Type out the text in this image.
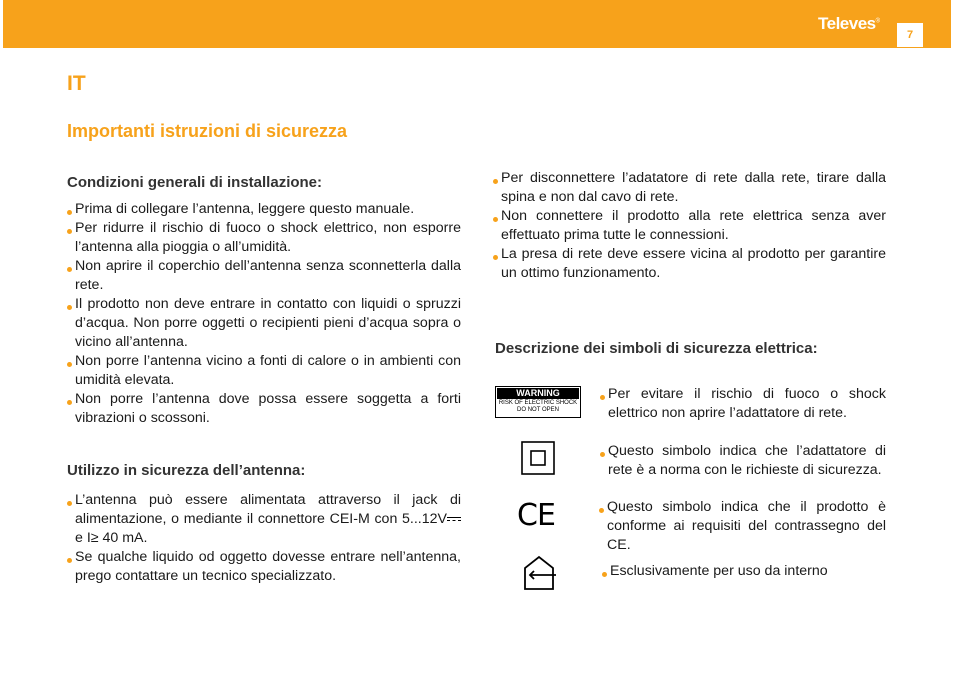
Televes®
7
IT
Importanti istruzioni di sicurezza
Condizioni generali di installazione:
Prima di collegare l’antenna, leggere questo manuale.
Per ridurre il rischio di fuoco o shock elettrico, non esporre l’antenna alla pioggia o all’umidità.
Non aprire il coperchio dell’antenna senza sconnetterla dalla rete.
Il prodotto non deve entrare in contatto con liquidi o spruzzi d’acqua. Non porre oggetti o recipienti pieni d’acqua sopra o vicino all’antenna.
Non porre l’antenna vicino a fonti di calore o in ambienti con umidità elevata.
Non porre l’antenna dove possa essere soggetta a forti vibrazioni o scossoni.
Utilizzo in sicurezza dell’antenna:
L’antenna può essere alimentata attraverso il jack di alimentazione, o mediante il connettore CEI-M con 5...12V e I≥ 40 mA.
Se qualche liquido od oggetto dovesse entrare nell’antenna, prego contattare un tecnico specializzato.
Per disconnettere l’adatatore di rete dalla rete, tirare dalla spina e non dal cavo di rete.
Non connettere il prodotto alla rete elettrica senza aver effettuato prima tutte le connessioni.
La presa di rete deve essere vicina al prodotto per garantire un ottimo funzionamento.
Descrizione dei simboli di sicurezza elettrica:
WARNING
RISK OF ELECTRIC SHOCK
DO NOT OPEN
Per evitare il rischio di fuoco o shock elettrico non aprire l’adattatore di rete.
Questo simbolo indica che l’adattatore di rete è a norma con le richieste di sicurezza.
CE	Questo simbolo indica che il prodotto è conforme ai requisiti del contrassegno del CE.
Esclusivamente per uso da interno
